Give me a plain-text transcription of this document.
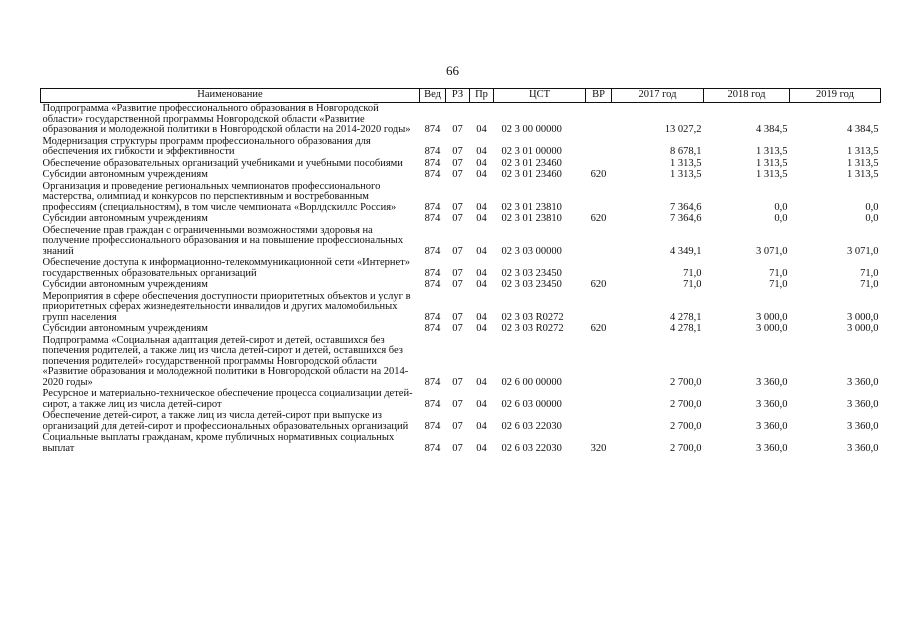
66
Наименование	Вед	РЗ	Пр	ЦСТ	ВР	2017 год	2018 год	2019 год
Подпрограмма «Развитие профессионального образования в Новгородской области» государственной программы Новгородской области «Развитие образования и молодежной политики в Новгородской области на 2014-2020 годы»	874	07	04	02 3 00 00000		13 027,2	4 384,5	4 384,5
Модернизация структуры программ профессионального образования для обеспечения их гибкости и эффективности	874	07	04	02 3 01 00000		8 678,1	1 313,5	1 313,5
Обеспечение образовательных организаций учебниками и учебными пособиями	874	07	04	02 3 01 23460		1 313,5	1 313,5	1 313,5
Субсидии автономным учреждениям	874	07	04	02 3 01 23460	620	1 313,5	1 313,5	1 313,5
Организация и проведение региональных чемпионатов профессионального мастерства, олимпиад и конкурсов по перспективным и востребованным профессиям (специальностям), в том числе чемпионата «Ворлдскиллс Россия»	874	07	04	02 3 01 23810		7 364,6	0,0	0,0
Субсидии автономным учреждениям	874	07	04	02 3 01 23810	620	7 364,6	0,0	0,0
Обеспечение прав граждан с ограниченными возможностями здоровья на получение профессионального образования и на повышение профессиональных знаний	874	07	04	02 3 03 00000		4 349,1	3 071,0	3 071,0
Обеспечение доступа к информационно-телекоммуникационной сети «Интернет» государственных образовательных организаций	874	07	04	02 3 03 23450		71,0	71,0	71,0
Субсидии автономным учреждениям	874	07	04	02 3 03 23450	620	71,0	71,0	71,0
Мероприятия в сфере обеспечения доступности приоритетных объектов и услуг в приоритетных сферах жизнедеятельности инвалидов и других маломобильных групп населения	874	07	04	02 3 03 R0272		4 278,1	3 000,0	3 000,0
Субсидии автономным учреждениям	874	07	04	02 3 03 R0272	620	4 278,1	3 000,0	3 000,0
Подпрограмма «Социальная адаптация детей-сирот и детей, оставшихся без попечения родителей, а также лиц из числа детей-сирот и детей, оставшихся без попечения родителей» государственной программы Новгородской области «Развитие образования и молодежной политики в Новгородской области на 2014-2020 годы»	874	07	04	02 6 00 00000		2 700,0	3 360,0	3 360,0
Ресурсное и материально-техническое обеспечение процесса социализации детей-сирот, а также лиц из числа детей-сирот	874	07	04	02 6 03 00000		2 700,0	3 360,0	3 360,0
Обеспечение детей-сирот, а также лиц из числа детей-сирот при выпуске из организаций для детей-сирот и профессиональных образовательных организаций	874	07	04	02 6 03 22030		2 700,0	3 360,0	3 360,0
Социальные выплаты гражданам, кроме публичных нормативных социальных выплат	874	07	04	02 6 03 22030	320	2 700,0	3 360,0	3 360,0
